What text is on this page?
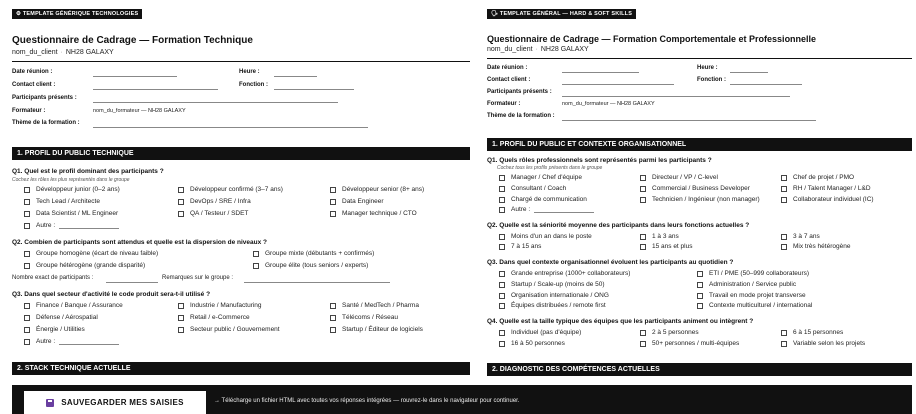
⚙ TEMPLATE GÉNÉRIQUE TECHNOLOGIES
Questionnaire de Cadrage — Formation Technique
nom_du_client · NH28 GALAXY
Date réunion :	Heure :
Contact client :	Fonction :
Participants présents :
Formateur :	nom_du_formateur — NH28 GALAXY
Thème de la formation :
1. PROFIL DU PUBLIC TECHNIQUE
Q1. Quel est le profil dominant des participants ?
Cochez les rôles les plus représentés dans le groupe
Développeur junior (0–2 ans)	Développeur confirmé (3–7 ans)	Développeur senior (8+ ans)
Tech Lead / Architecte	DevOps / SRE / Infra	Data Engineer
Data Scientist / ML Engineer	QA / Testeur / SDET	Manager technique / CTO
Autre :
Q2. Combien de participants sont attendus et quelle est la dispersion de niveaux ?
Groupe homogène (écart de niveau faible)	Groupe mixte (débutants + confirmés)
Groupe hétérogène (grande disparité)	Groupe élite (tous seniors / experts)
Nombre exact de participants :	Remarques sur le groupe :
Q3. Dans quel secteur d'activité le code produit sera-t-il utilisé ?
Finance / Banque / Assurance	Industrie / Manufacturing	Santé / MedTech / Pharma
Défense / Aérospatial	Retail / e-Commerce	Télécoms / Réseau
Énergie / Utilities	Secteur public / Gouvernement	Startup / Éditeur de logiciels
Autre :
2. STACK TECHNIQUE ACTUELLE
🗣 TEMPLATE GÉNÉRAL — HARD & SOFT SKILLS
Questionnaire de Cadrage — Formation Comportementale et Professionnelle
nom_du_client · NH28 GALAXY
Date réunion :	Heure :
Contact client :	Fonction :
Participants présents :
Formateur :	nom_du_formateur — NH28 GALAXY
Thème de la formation :
1. PROFIL DU PUBLIC ET CONTEXTE ORGANISATIONNEL
Q1. Quels rôles professionnels sont représentés parmi les participants ?
Cochez tous les profils présents dans le groupe
Manager / Chef d'équipe	Directeur / VP / C-level	Chef de projet / PMO
Consultant / Coach	Commercial / Business Developer	RH / Talent Manager / L&D
Chargé de communication	Technicien / Ingénieur (non manager)	Collaborateur individuel (IC)
Autre :
Q2. Quelle est la séniorité moyenne des participants dans leurs fonctions actuelles ?
Moins d'un an dans le poste	1 à 3 ans	3 à 7 ans
7 à 15 ans	15 ans et plus	Mix très hétérogène
Q3. Dans quel contexte organisationnel évoluent les participants au quotidien ?
Grande entreprise (1000+ collaborateurs)	ETI / PME (50–999 collaborateurs)
Startup / Scale-up (moins de 50)	Administration / Service public
Organisation internationale / ONG	Travail en mode projet transverse
Équipes distribuées / remote first	Contexte multiculturel / international
Q4. Quelle est la taille typique des équipes que les participants animent ou intègrent ?
Individuel (pas d'équipe)	2 à 5 personnes	6 à 15 personnes
16 à 50 personnes	50+ personnes / multi-équipes	Variable selon les projets
2. DIAGNOSTIC DES COMPÉTENCES ACTUELLES
SAUVEGARDER MES SAISIES	→ Télécharge un fichier HTML avec toutes vos réponses intégrées — rouvrez-le dans le navigateur pour continuer.
